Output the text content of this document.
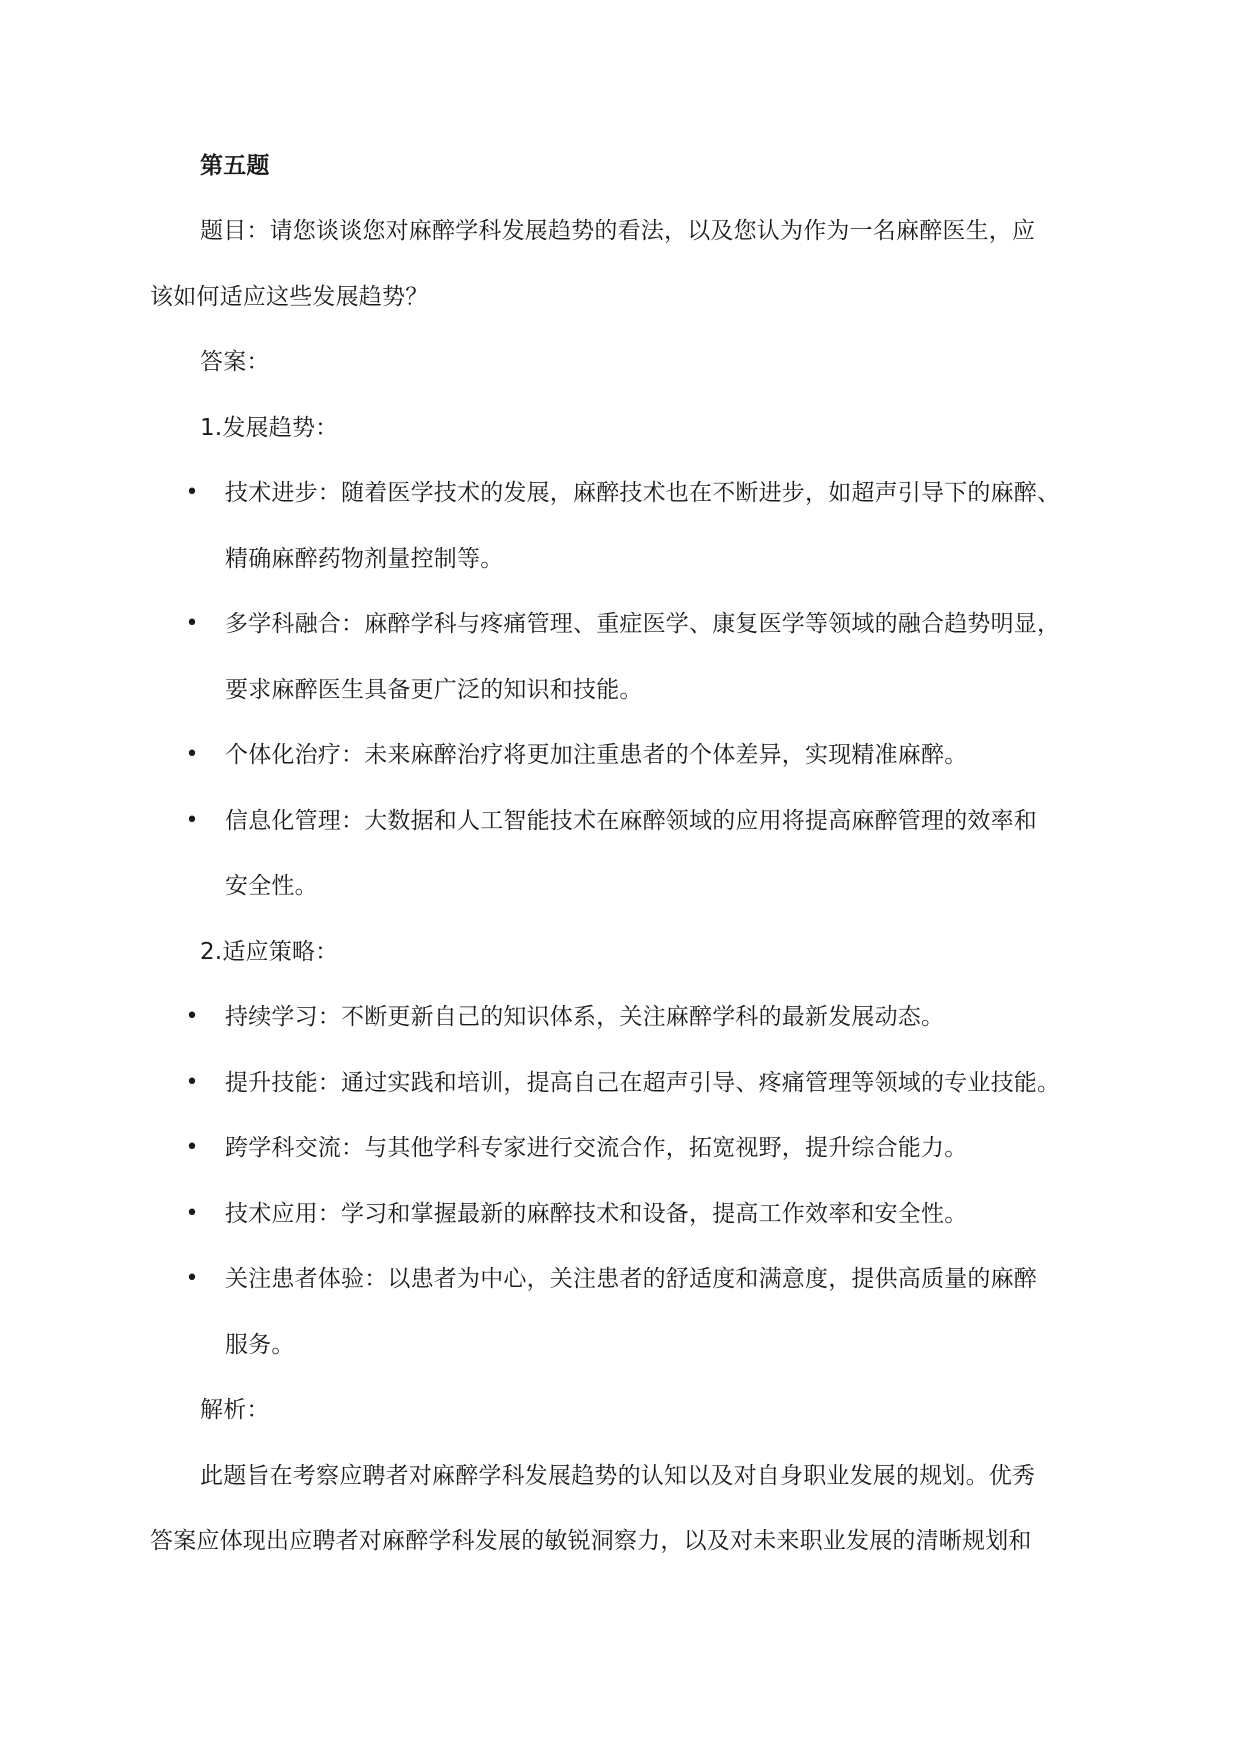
第五题
题目：请您谈谈您对麻醉学科发展趋势的看法，以及您认为作为一名麻醉医生，应
该如何适应这些发展趋势？
答案：
1.发展趋势：
• 技术进步：随着医学技术的发展，麻醉技术也在不断进步，如超声引导下的麻醉、
精确麻醉药物剂量控制等。
• 多学科融合：麻醉学科与疼痛管理、重症医学、康复医学等领域的融合趋势明显，
要求麻醉医生具备更广泛的知识和技能。
• 个体化治疗：未来麻醉治疗将更加注重患者的个体差异，实现精准麻醉。
• 信息化管理：大数据和人工智能技术在麻醉领域的应用将提高麻醉管理的效率和
安全性。
2.适应策略：
• 持续学习：不断更新自己的知识体系，关注麻醉学科的最新发展动态。
• 提升技能：通过实践和培训，提高自己在超声引导、疼痛管理等领域的专业技能。
• 跨学科交流：与其他学科专家进行交流合作，拓宽视野，提升综合能力。
• 技术应用：学习和掌握最新的麻醉技术和设备，提高工作效率和安全性。
• 关注患者体验：以患者为中心，关注患者的舒适度和满意度，提供高质量的麻醉
服务。
解析：
此题旨在考察应聘者对麻醉学科发展趋势的认知以及对自身职业发展的规划。优秀
答案应体现出应聘者对麻醉学科发展的敏锐洞察力，以及对未来职业发展的清晰规划和
